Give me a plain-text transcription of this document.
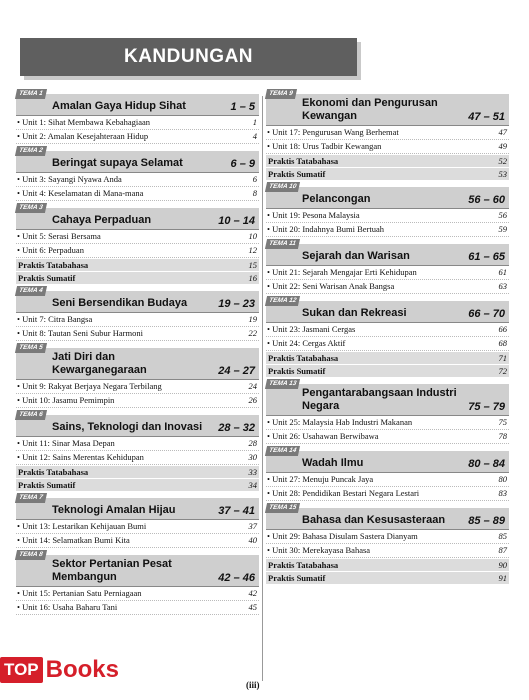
KANDUNGAN
TEMA 1
Amalan Gaya Hidup Sihat	1 – 5
• Unit 1: Sihat Membawa Kebahagiaan	1
• Unit 2: Amalan Kesejahteraan Hidup	4
TEMA 2
Beringat supaya Selamat	6 – 9
• Unit 3: Sayangi Nyawa Anda	6
• Unit 4: Keselamatan di Mana-mana	8
TEMA 3
Cahaya Perpaduan	10 – 14
• Unit 5: Serasi Bersama	10
• Unit 6: Perpaduan	12
Praktis Tatabahasa	15
Praktis Sumatif	16
TEMA 4
Seni Bersendikan Budaya	19 – 23
• Unit 7: Citra Bangsa	19
• Unit 8: Tautan Seni Subur Harmoni	22
TEMA 5
Jati Diri dan Kewarganegaraan	24 – 27
• Unit 9: Rakyat Berjaya Negara Terbilang	24
• Unit 10: Jasamu Pemimpin	26
TEMA 6
Sains, Teknologi dan Inovasi	28 – 32
• Unit 11: Sinar Masa Depan	28
• Unit 12: Sains Merentas Kehidupan	30
Praktis Tatabahasa	33
Praktis Sumatif	34
TEMA 7
Teknologi Amalan Hijau	37 – 41
• Unit 13: Lestarikan Kehijauan Bumi	37
• Unit 14: Selamatkan Bumi Kita	40
TEMA 8
Sektor Pertanian Pesat Membangun	42 – 46
• Unit 15: Pertanian Satu Perniagaan	42
• Unit 16: Usaha Baharu Tani	45
TEMA 9
Ekonomi dan Pengurusan Kewangan	47 – 51
• Unit 17: Pengurusan Wang Berhemat	47
• Unit 18: Urus Tadbir Kewangan	49
Praktis Tatabahasa	52
Praktis Sumatif	53
TEMA 10
Pelancongan	56 – 60
• Unit 19: Pesona Malaysia	56
• Unit 20: Indahnya Bumi Bertuah	59
TEMA 11
Sejarah dan Warisan	61 – 65
• Unit 21: Sejarah Mengajar Erti Kehidupan	61
• Unit 22: Seni Warisan Anak Bangsa	63
TEMA 12
Sukan dan Rekreasi	66 – 70
• Unit 23: Jasmani Cergas	66
• Unit 24: Cergas Aktif	68
Praktis Tatabahasa	71
Praktis Sumatif	72
TEMA 13
Pengantarabangsaan Industri Negara	75 – 79
• Unit 25: Malaysia Hab Industri Makanan	75
• Unit 26: Usahawan Berwibawa	78
TEMA 14
Wadah Ilmu	80 – 84
• Unit 27: Menuju Puncak Jaya	80
• Unit 28: Pendidikan Bestari Negara Lestari	83
TEMA 15
Bahasa dan Kesusasteraan	85 – 89
• Unit 29: Bahasa Disulam Sastera Dianyam	85
• Unit 30: Merekayasa Bahasa	87
Praktis Tatabahasa	90
Praktis Sumatif	91
TOP Books
(iii)
